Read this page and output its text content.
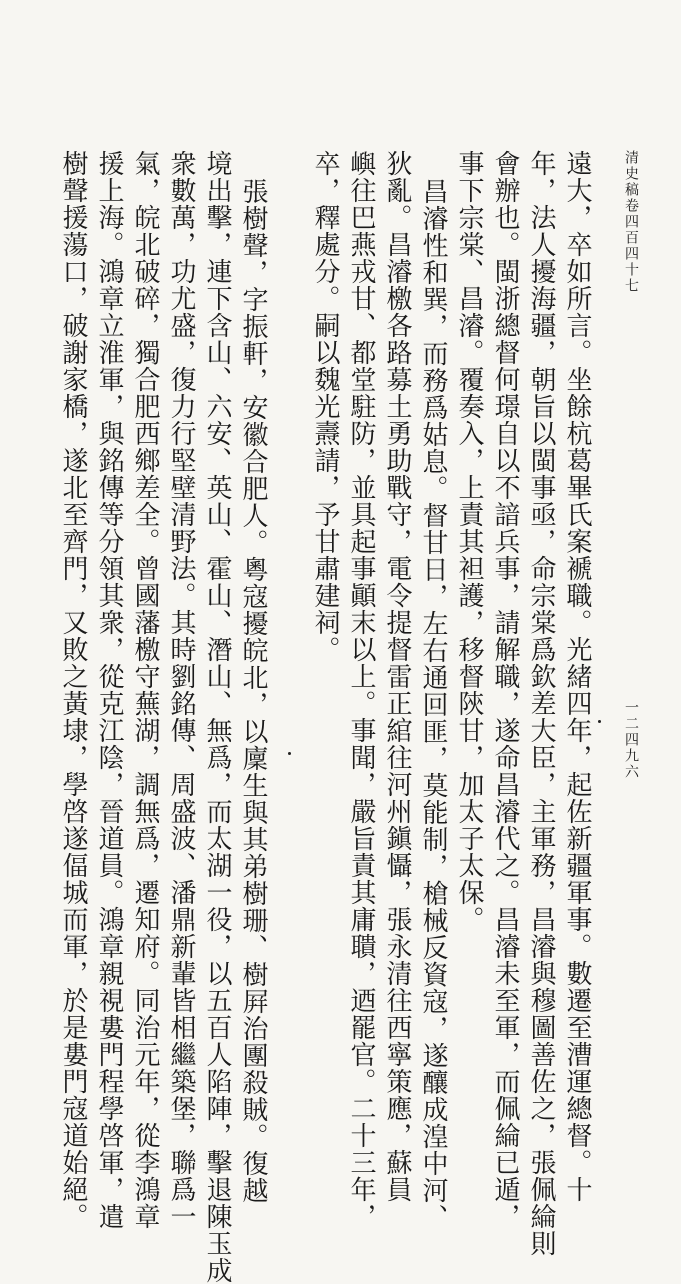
清史稿卷四百四十七
一二四九六
遠大，卒如所言。坐餘杭葛畢氏案褫職。光緒四年，起佐新疆軍事。數遷至漕運總督。十
年，法人擾海疆，朝旨以閩事亟，命宗棠爲欽差大臣，主軍務，昌濬與穆圖善佐之，張佩綸則
會辦也。閩浙總督何璟自以不諳兵事，請解職，遂命昌濬代之。昌濬未至軍，而佩綸已遁，
事下宗棠、昌濬。覆奏入，上責其袒護，移督陝甘，加太子太保。
昌濬性和巽，而務爲姑息。督甘日，左右通回匪，莫能制，槍械反資寇，遂釀成湟中河、
狄亂。昌濬檄各路募土勇助戰守，電令提督雷正綰往河州鎭懾，張永清往西寧策應，蘇員
嶼往巴燕戎甘、都堂駐防，並具起事顚末以上。事聞，嚴旨責其庸聵，迺罷官。二十三年，
卒，釋處分。嗣以魏光燾請，予甘肅建祠。
張樹聲，字振軒，安徽合肥人。粵寇擾皖北，以廩生與其弟樹珊、樹屛治團殺賊。復越
境出擊，連下含山、六安、英山、霍山、潛山、無爲，而太湖一役，以五百人陷陣，擊退陳玉成
衆數萬，功尤盛，復力行堅壁清野法。其時劉銘傳、周盛波、潘鼎新輩皆相繼築堡，聯爲一
氣，皖北破碎，獨合肥西鄉差全。曾國藩檄守蕪湖，調無爲，遷知府。同治元年，從李鴻章
援上海。鴻章立淮軍，與銘傳等分領其衆，從克江陰，晉道員。鴻章親視婁門程學啓軍，遣
樹聲援蕩口，破謝家橋，遂北至齊門，又敗之黃埭，學啓遂偪城而軍，於是婁門寇道始絕。
